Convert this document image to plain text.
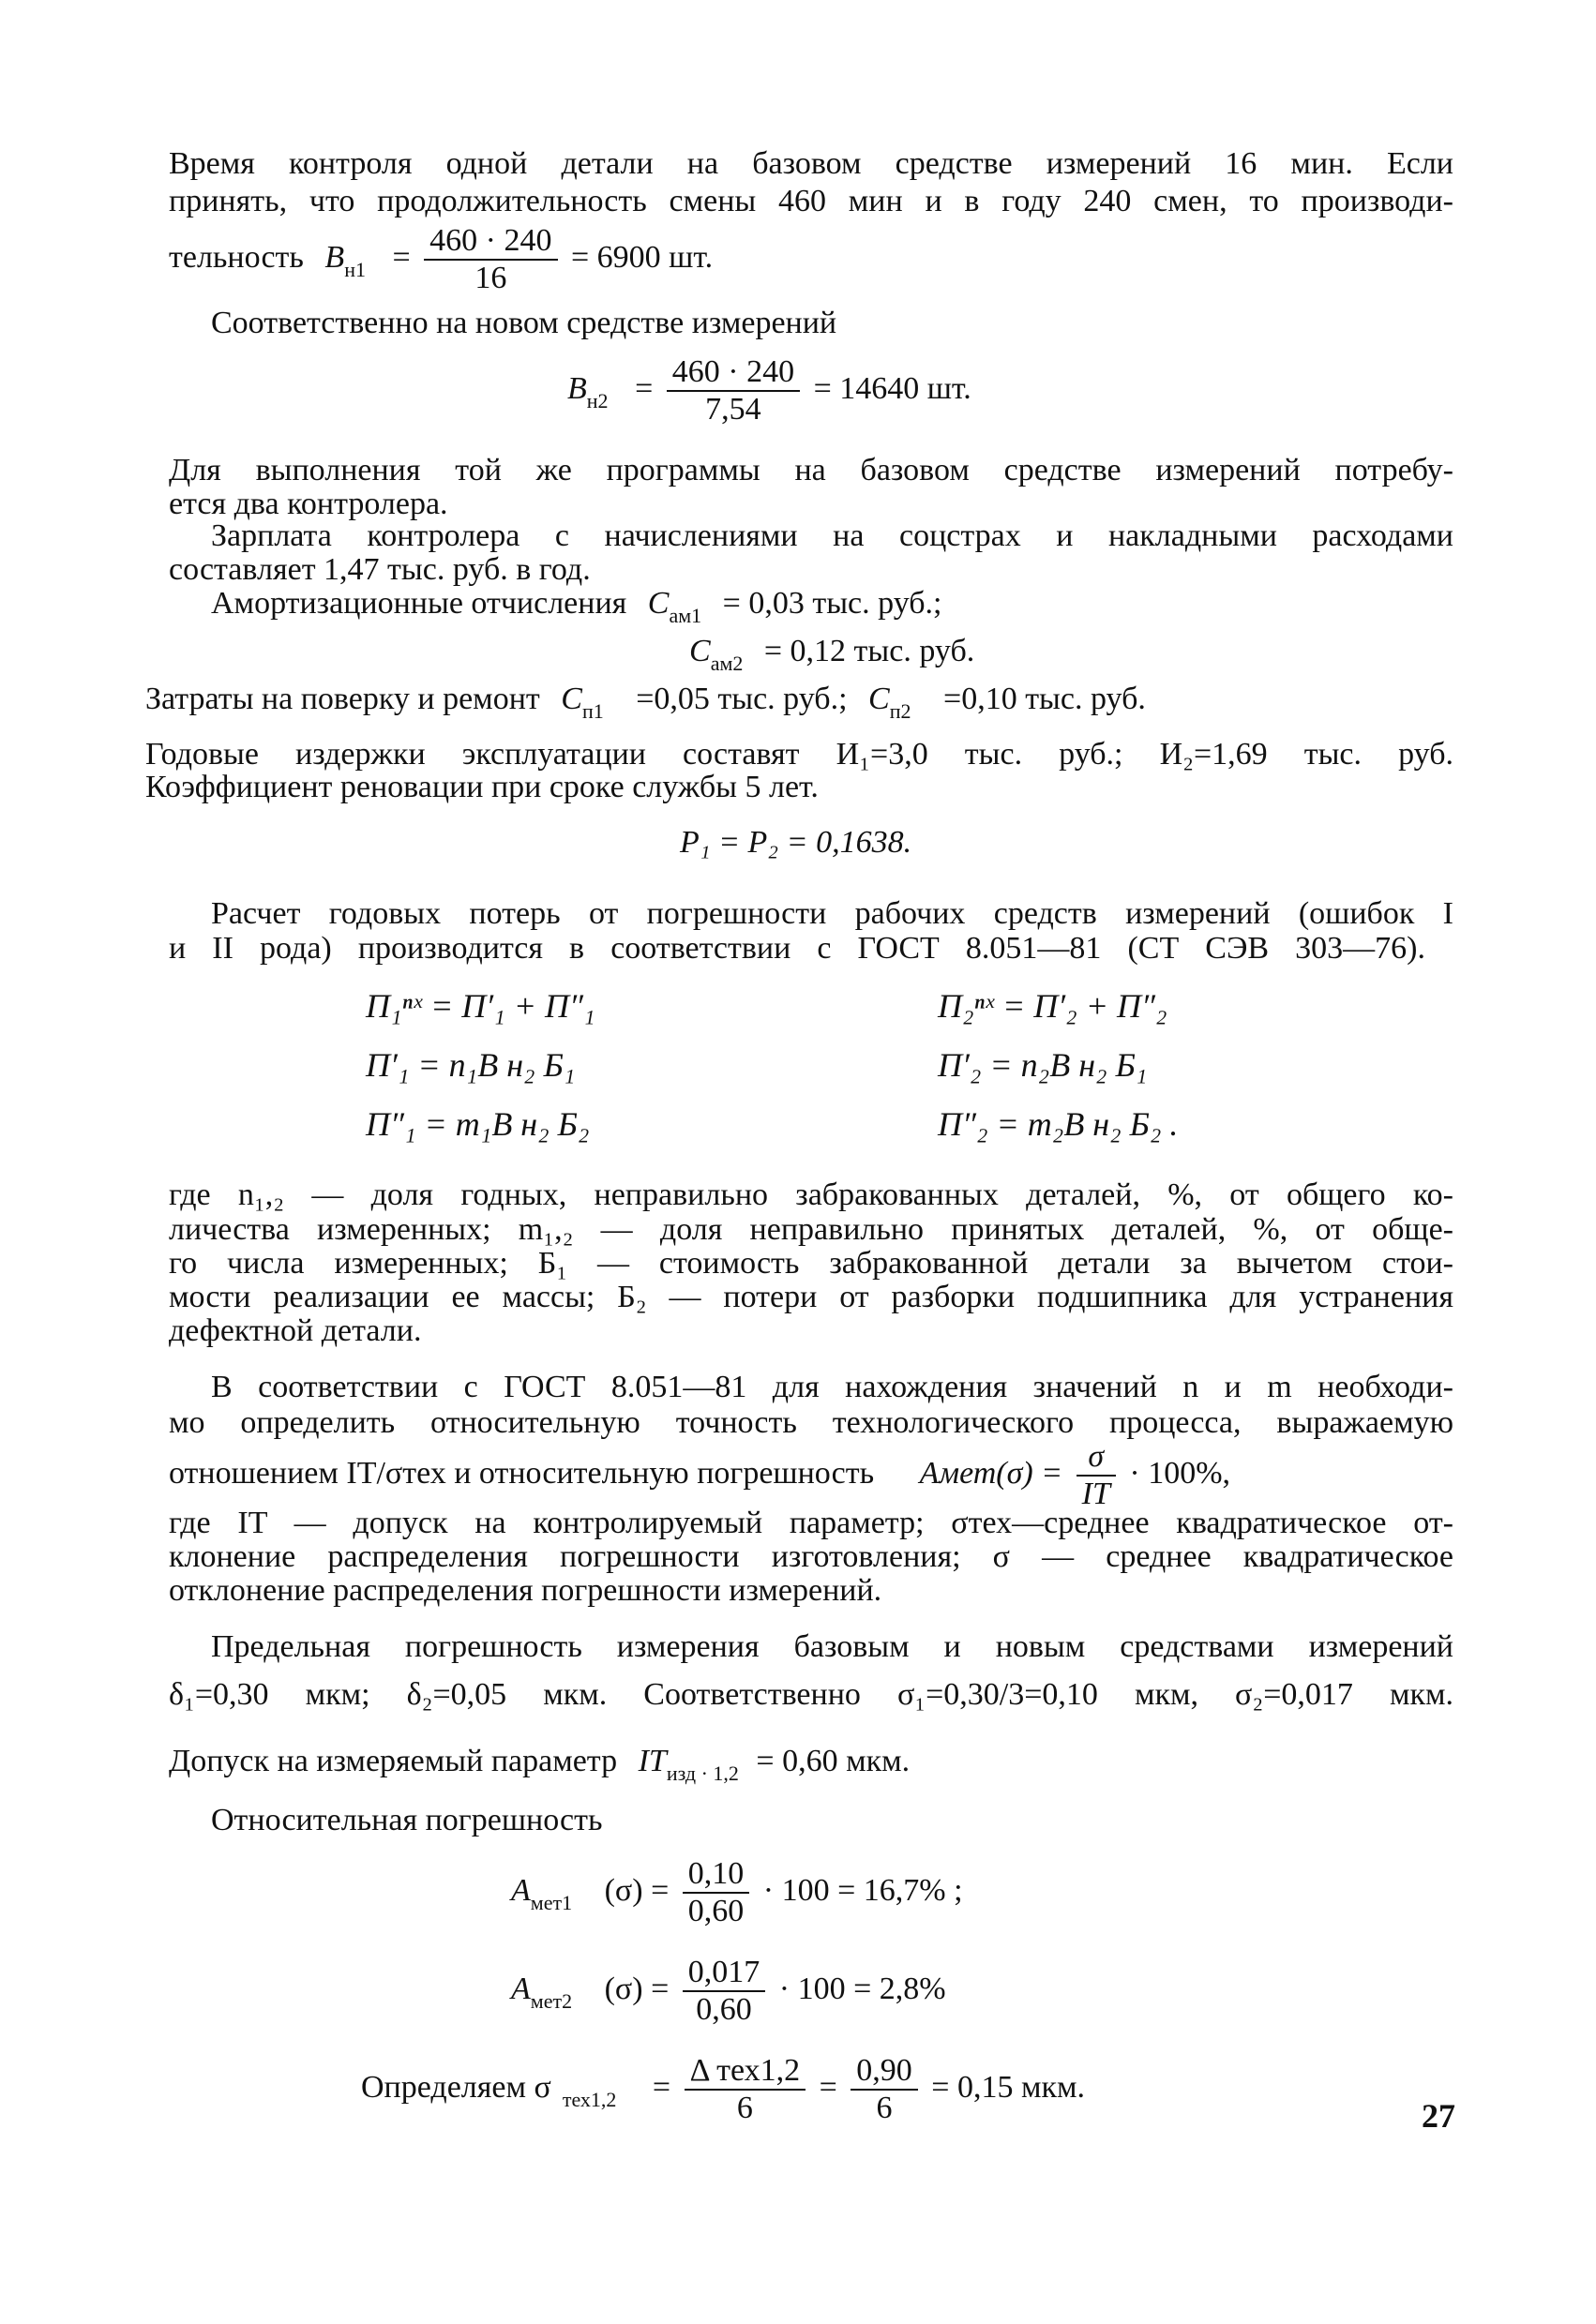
Время контроля одной детали на базовом средстве измерений 16 мин. Если
принять, что продолжительность смены 460 мин и в году 240 смен, то производи-
тельность $B_{н1} = \frac{460 \cdot 240}{16} = 6900$ шт.
Соответственно на новом средстве измерений
$B_{н2} = \frac{460 \cdot 240}{7,54} = 14640$ шт.
Для выполнения той же программы на базовом средстве измерений потребу-
ется два контролера.
Зарплата контролера с начислениями на соцстрах и накладными расходами
составляет 1,47 тыс. руб. в год.
Амортизационные отчисления $C_{ам1} = 0,03$ тыс. руб.;
$C_{ам2} = 0,12$ тыс. руб.
Затраты на поверку и ремонт $C_{п1} =0,05$ тыс. руб.; $C_{п2} =0,10$ тыс. руб.
Годовые издержки эксплуатации составят И₁=3,0 тыс. руб.; И₂=1,69 тыс. руб.
Коэффициент реновации при сроке службы 5 лет.
P₁ = P₂ = 0,1638.
Расчет годовых потерь от погрешности рабочих средств измерений (ошибок I
и II рода) производится в соответствии с ГОСТ 8.051—81 (СТ СЭВ 303—76).
П₁ⁿˣ = П′₁ + П″₁	П₂ⁿˣ = П′₂ + П″₂
П′₁ = n₁B н₂ Б₁	П′₂ = n₂B н₂ Б₁
П″₁ = m₁B н₂ Б₂	П″₂ = m₂B н₂ Б₂ .
где n₁,₂ — доля годных, неправильно забракованных деталей, %, от общего ко-
личества измеренных; m₁,₂ — доля неправильно принятых деталей, %, от обще-
го числа измеренных; Б₁ — стоимость забракованной детали за вычетом стои-
мости реализации ее массы; Б₂ — потери от разборки подшипника для устранения
дефектной детали.
В соответствии с ГОСТ 8.051—81 для нахождения значений n и m необходи-
мо определить относительную точность технологического процесса, выражаемую
отношением IT/σтех и относительную погрешность Aмет(σ) = $\frac{\sigma}{IT} \cdot 100\%$,
где IT — допуск на контролируемый параметр; σтех—среднее квадратическое от-
клонение распределения погрешности изготовления; σ — среднее квадратическое
отклонение распределения погрешности измерений.
Предельная погрешность измерения базовым и новым средствами измерений
δ₁=0,30 мкм; δ₂=0,05 мкм. Соответственно σ₁=0,30/3=0,10 мкм, σ₂=0,017 мкм.
Допуск на измеряемый параметр $IT_{изд \cdot 1,2} = 0,60$ мкм.
Относительная погрешность
$A_{мет1}$ $(\sigma) = \frac{0,10}{0,60} \cdot 100 = 16,7\%$ ;
$A_{мет2}$ $(\sigma) = \frac{0,017}{0,60} \cdot 100 = 2,8\%$
Определяем σ $_{тех1,2} = \frac{\text{Δ тех1,2}}{6} = \frac{0,90}{6} = 0,15$ мкм.
27
